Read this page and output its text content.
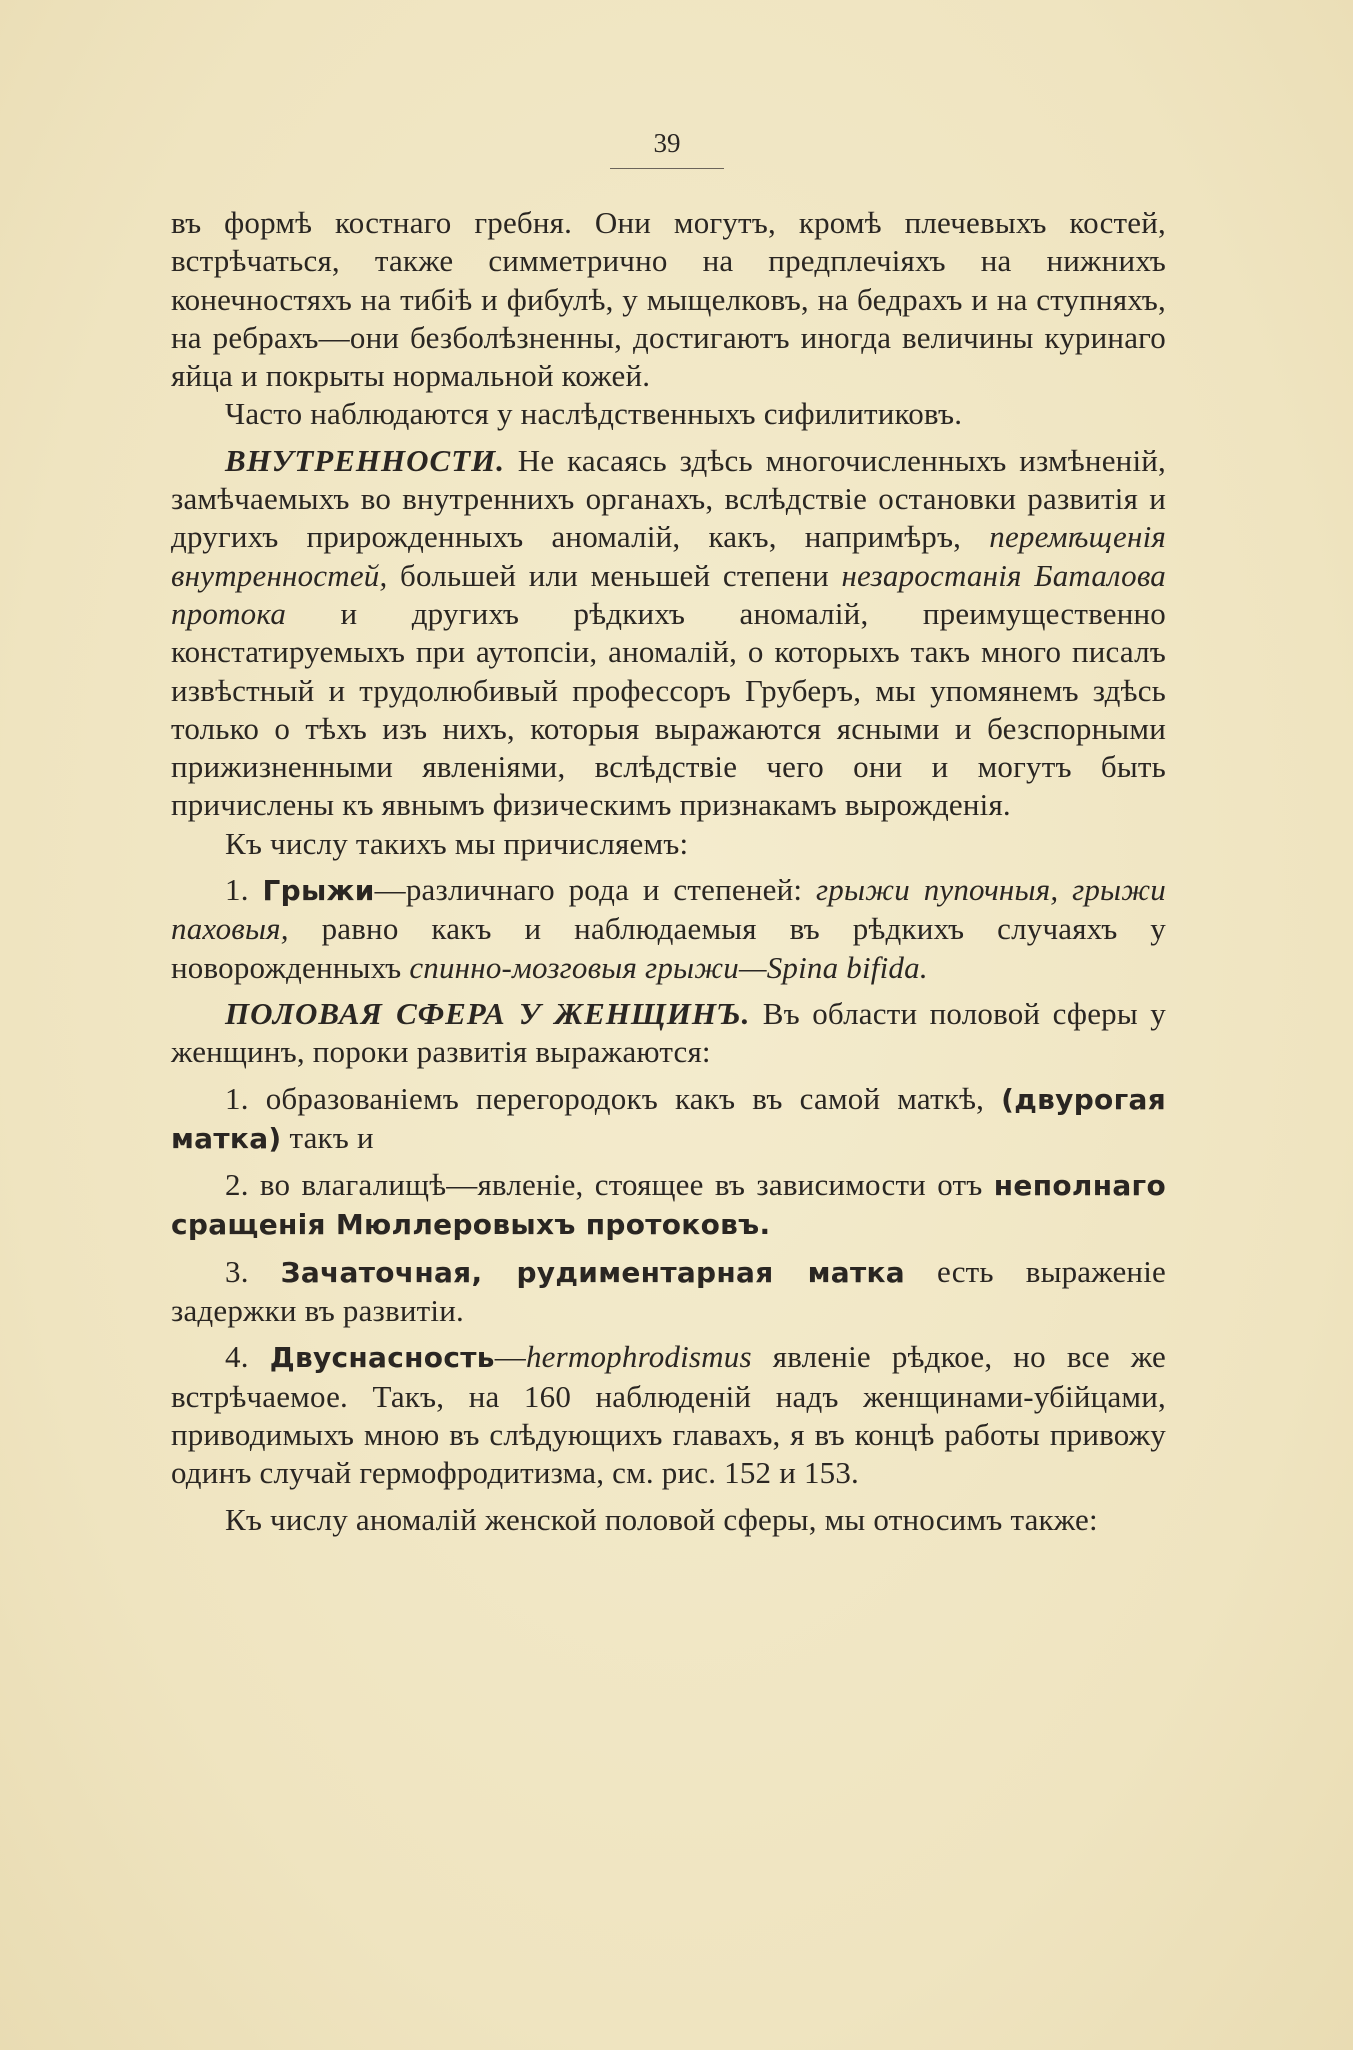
39

въ формѣ костнаго гребня. Они могутъ, кромѣ плечевыхъ костей, встрѣчаться, также симметрично на предплечіяхъ на нижнихъ конечностяхъ на тибіѣ и фибулѣ, у мыщелковъ, на бедрахъ и на ступняхъ, на ребрахъ—они безболѣзненны, достигаютъ иногда величины куринаго яйца и покрыты нормальной кожей.

Часто наблюдаются у наслѣдственныхъ сифилитиковъ.

ВНУТРЕННОСТИ. Не касаясь здѣсь многочисленныхъ измѣненій, замѣчаемыхъ во внутреннихъ органахъ, вслѣдствіе остановки развитія и другихъ прирожденныхъ аномалій, какъ, напримѣръ, перемѣщенія внутренностей, большей или меньшей степени незаростанія Баталова протока и другихъ рѣдкихъ аномалій, преимущественно констатируемыхъ при аутопсіи, аномалій, о которыхъ такъ много писалъ извѣстный и трудолюбивый профессоръ Груберъ, мы упомянемъ здѣсь только о тѣхъ изъ нихъ, которыя выражаются ясными и безспорными прижизненными явленіями, вслѣдствіе чего они и могутъ быть причислены къ явнымъ физическимъ признакамъ вырожденія.

Къ числу такихъ мы причисляемъ:

1. Грыжи—различнаго рода и степеней: грыжи пупочныя, грыжи паховыя, равно какъ и наблюдаемыя въ рѣдкихъ случаяхъ у новорожденныхъ спинно-мозговыя грыжи—Spina bifida.

ПОЛОВАЯ СФЕРА У ЖЕНЩИНЪ. Въ области половой сферы у женщинъ, пороки развитія выражаются:

1. образованіемъ перегородокъ какъ въ самой маткѣ, (двурогая матка) такъ и

2. во влагалищѣ—явленіе, стоящее въ зависимости отъ неполнаго сращенія Мюллеровыхъ протоковъ.

3. Зачаточная, рудиментарная матка есть выраженіе задержки въ развитіи.

4. Двуснасность—hermophrodismus явленіе рѣдкое, но все же встрѣчаемое. Такъ, на 160 наблюденій надъ женщинами-убійцами, приводимыхъ мною въ слѣдующихъ главахъ, я въ концѣ работы привожу одинъ случай гермофродитизма, см. рис. 152 и 153.

Къ числу аномалій женской половой сферы, мы относимъ также:
